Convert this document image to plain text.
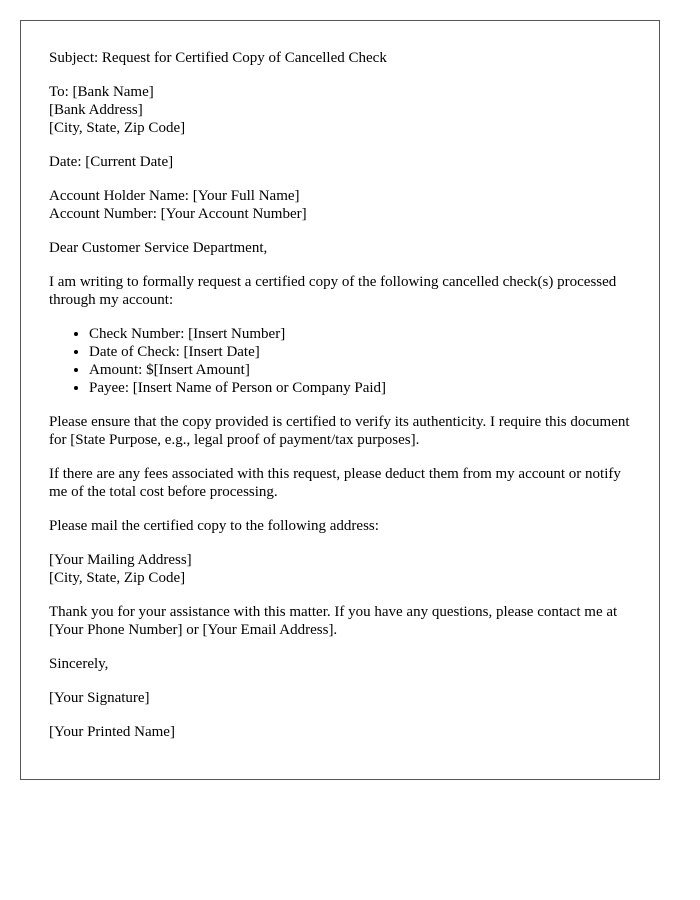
Subject: Request for Certified Copy of Cancelled Check
To: [Bank Name]
[Bank Address]
[City, State, Zip Code]
Date: [Current Date]
Account Holder Name: [Your Full Name]
Account Number: [Your Account Number]
Dear Customer Service Department,

I am writing to formally request a certified copy of the following cancelled check(s) processed through my account:

• Check Number: [Insert Number]
• Date of Check: [Insert Date]
• Amount: $[Insert Amount]
• Payee: [Insert Name of Person or Company Paid]

Please ensure that the copy provided is certified to verify its authenticity. I require this document for [State Purpose, e.g., legal proof of payment/tax purposes].

If there are any fees associated with this request, please deduct them from my account or notify me of the total cost before processing.

Please mail the certified copy to the following address:

[Your Mailing Address]
[City, State, Zip Code]

Thank you for your assistance with this matter. If you have any questions, please contact me at [Your Phone Number] or [Your Email Address].

Sincerely,
[Your Signature]
[Your Printed Name]
